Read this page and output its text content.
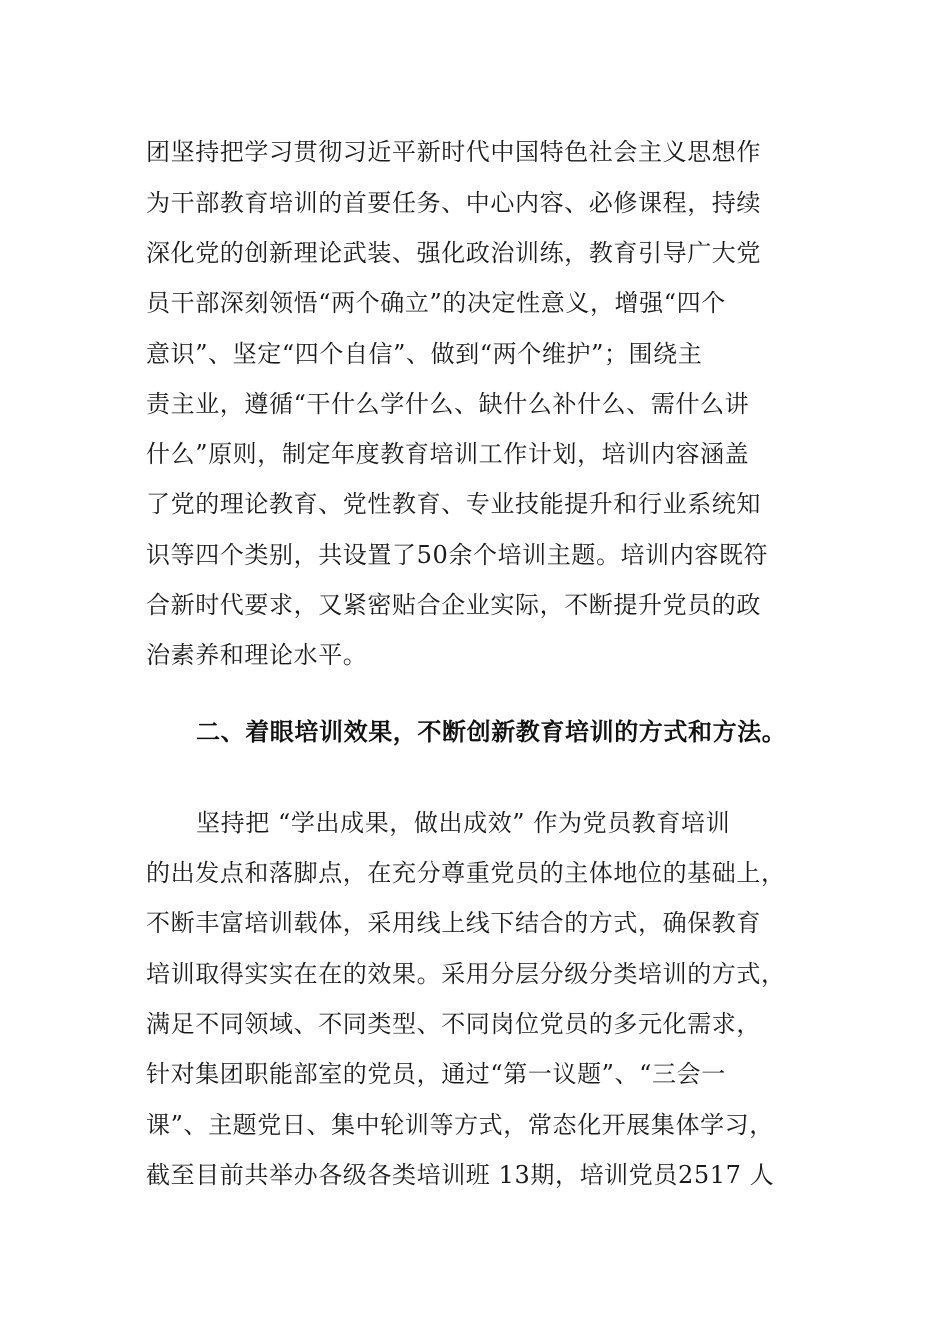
团坚持把学习贯彻习近平新时代中国特色社会主义思想作
为干部教育培训的首要任务、中心内容、必修课程，持续
深化党的创新理论武装、强化政治训练，教育引导广大党
员干部深刻领悟“两个确立”的决定性意义，增强“四个
意识”、坚定“四个自信”、做到“两个维护”；围绕主
责主业，遵循“干什么学什么、缺什么补什么、需什么讲
什么”原则，制定年度教育培训工作计划，培训内容涵盖
了党的理论教育、党性教育、专业技能提升和行业系统知
识等四个类别，共设置了50余个培训主题。培训内容既符
合新时代要求，又紧密贴合企业实际，不断提升党员的政
治素养和理论水平。
二、着眼培训效果，不断创新教育培训的方式和方法。
坚持把 “学出成果，做出成效” 作为党员教育培训
的出发点和落脚点，在充分尊重党员的主体地位的基础上，
不断丰富培训载体，采用线上线下结合的方式，确保教育
培训取得实实在在的效果。采用分层分级分类培训的方式，
满足不同领域、不同类型、不同岗位党员的多元化需求，
针对集团职能部室的党员，通过“第一议题”、“三会一
课”、主题党日、集中轮训等方式，常态化开展集体学习，
截至目前共举办各级各类培训班 13期，培训党员2517 人
